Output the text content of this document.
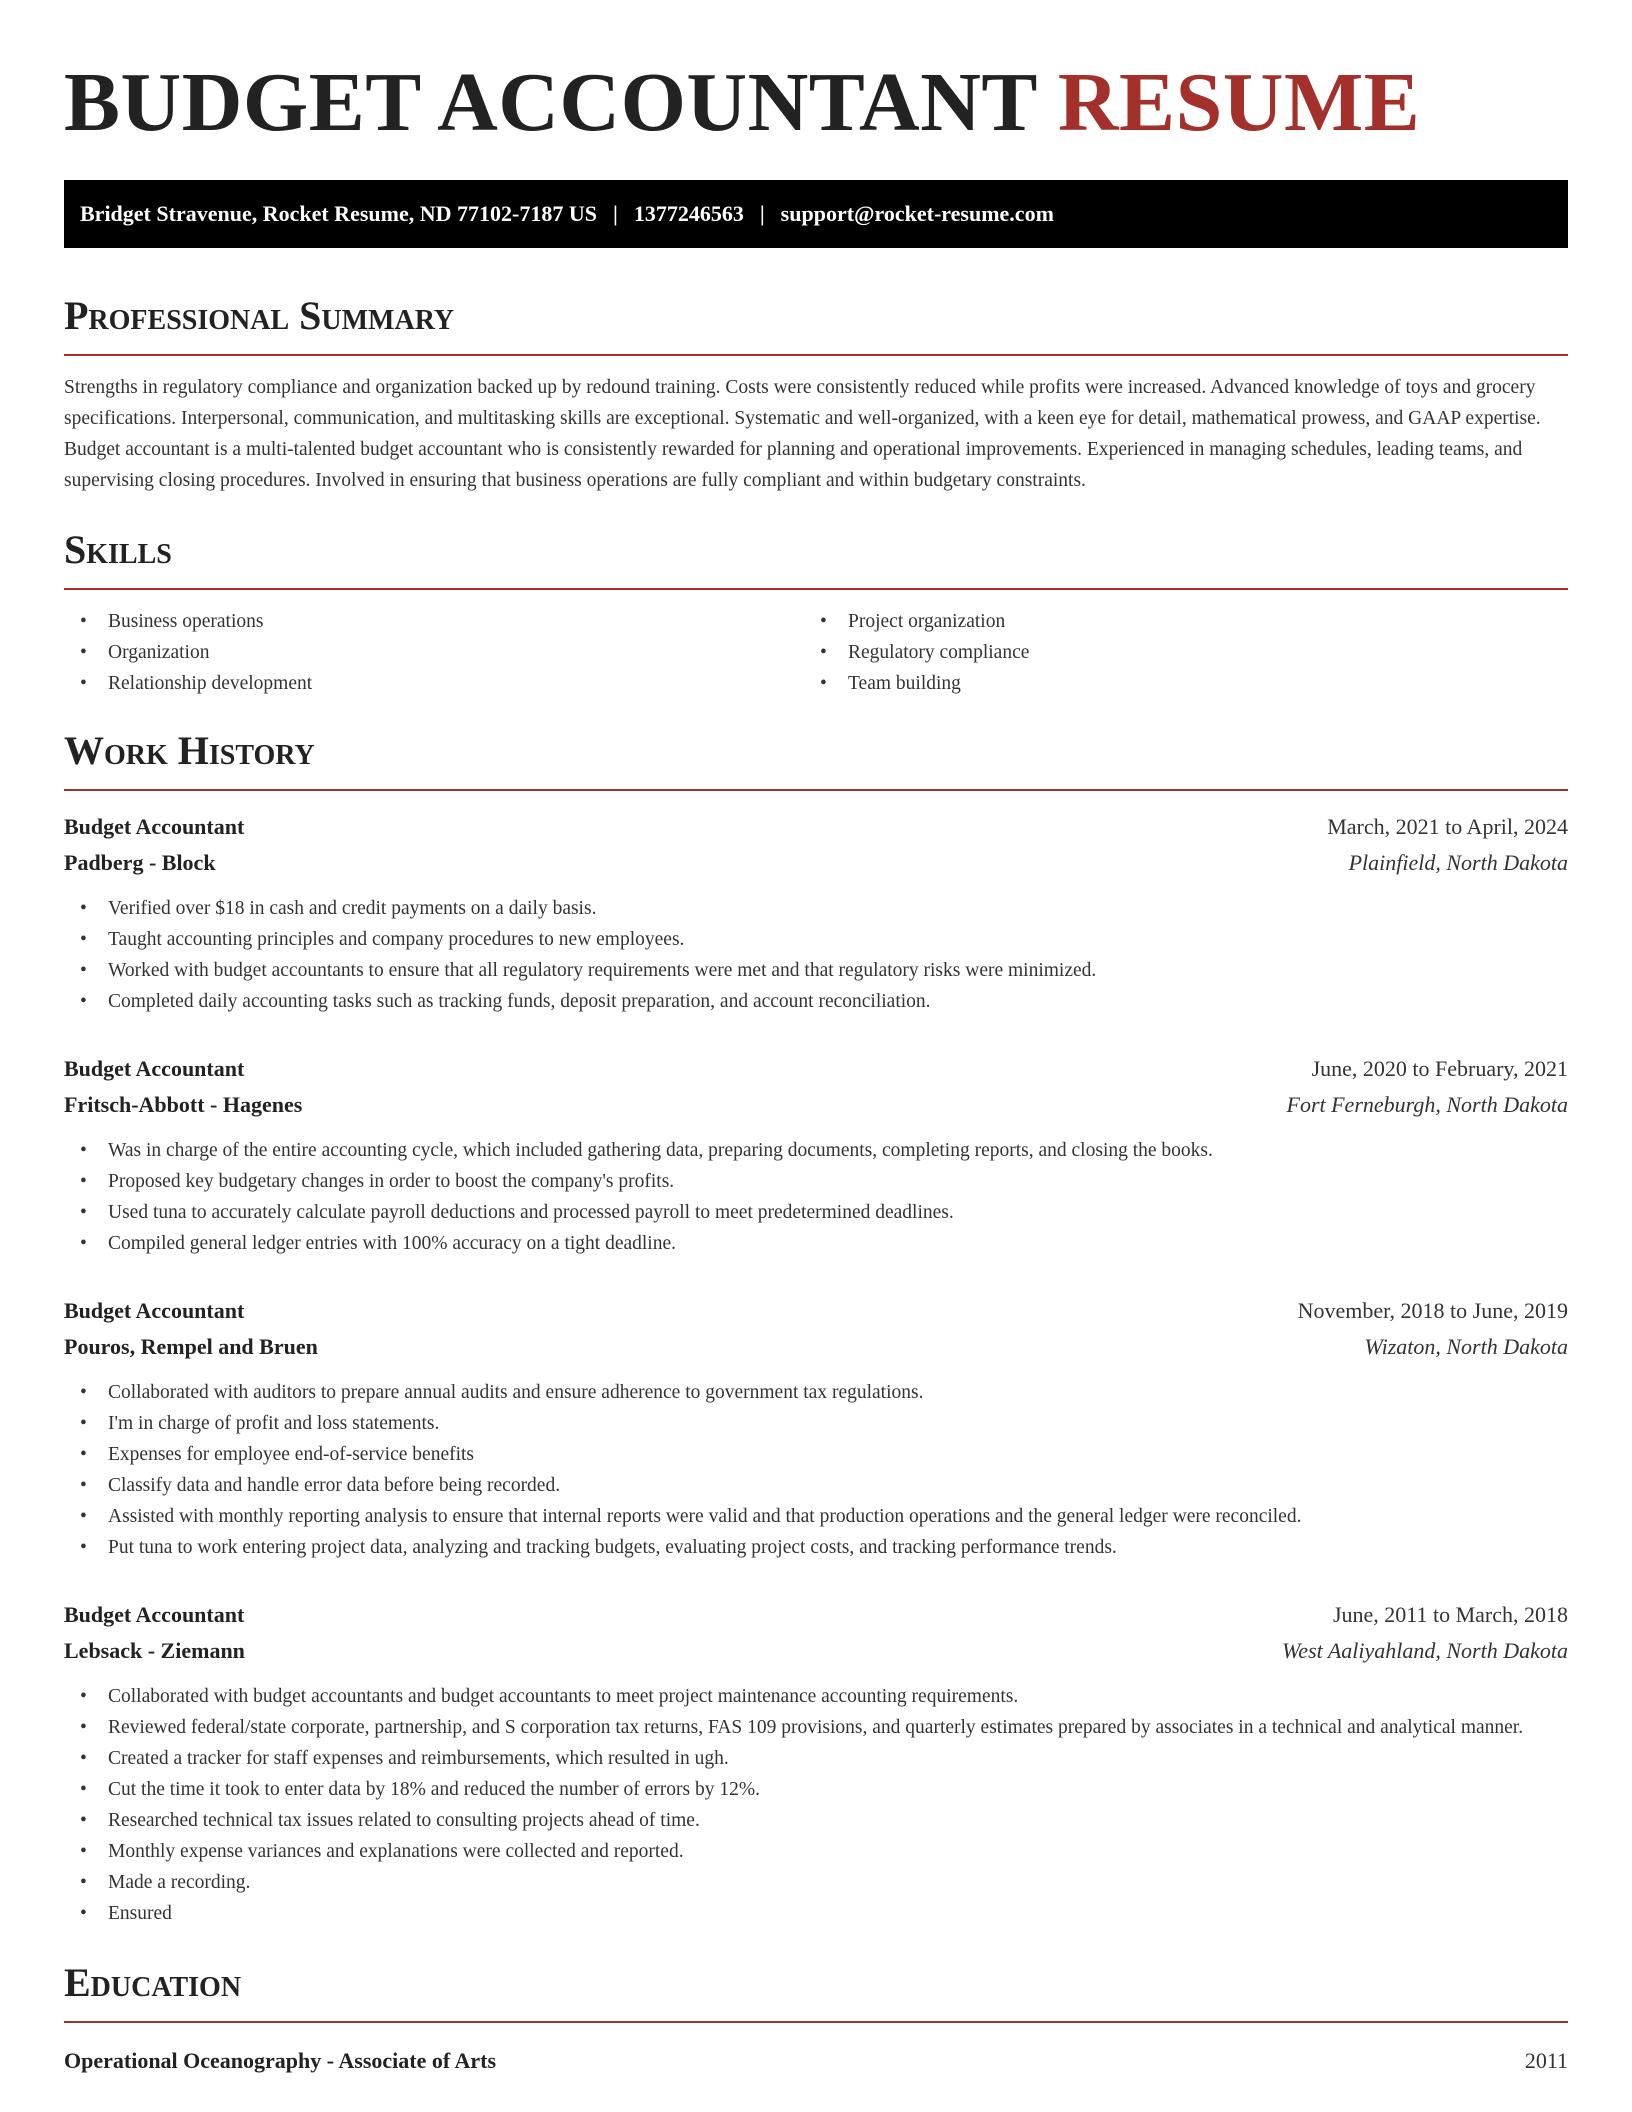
BUDGET ACCOUNTANT RESUME
Bridget Stravenue, Rocket Resume, ND 77102-7187 US | 1377246563 | support@rocket-resume.com
Professional Summary

Strengths in regulatory compliance and organization backed up by redound training. Costs were consistently reduced while profits were increased. Advanced knowledge of toys and grocery specifications. Interpersonal, communication, and multitasking skills are exceptional. Systematic and well-organized, with a keen eye for detail, mathematical prowess, and GAAP expertise. Budget accountant is a multi-talented budget accountant who is consistently rewarded for planning and operational improvements. Experienced in managing schedules, leading teams, and supervising closing procedures. Involved in ensuring that business operations are fully compliant and within budgetary constraints.

Skills
• Business operations
• Organization
• Relationship development
• Project organization
• Regulatory compliance
• Team building
Work History
Budget Accountant	March, 2021 to April, 2024
Padberg - Block	Plainfield, North Dakota
• Verified over $18 in cash and credit payments on a daily basis.
• Taught accounting principles and company procedures to new employees.
• Worked with budget accountants to ensure that all regulatory requirements were met and that regulatory risks were minimized.
• Completed daily accounting tasks such as tracking funds, deposit preparation, and account reconciliation.
Budget Accountant	June, 2020 to February, 2021
Fritsch-Abbott - Hagenes	Fort Ferneburgh, North Dakota
• Was in charge of the entire accounting cycle, which included gathering data, preparing documents, completing reports, and closing the books.
• Proposed key budgetary changes in order to boost the company's profits.
• Used tuna to accurately calculate payroll deductions and processed payroll to meet predetermined deadlines.
• Compiled general ledger entries with 100% accuracy on a tight deadline.
Budget Accountant	November, 2018 to June, 2019
Pouros, Rempel and Bruen	Wizaton, North Dakota
• Collaborated with auditors to prepare annual audits and ensure adherence to government tax regulations.
• I'm in charge of profit and loss statements.
• Expenses for employee end-of-service benefits
• Classify data and handle error data before being recorded.
• Assisted with monthly reporting analysis to ensure that internal reports were valid and that production operations and the general ledger were reconciled.
• Put tuna to work entering project data, analyzing and tracking budgets, evaluating project costs, and tracking performance trends.
Budget Accountant	June, 2011 to March, 2018
Lebsack - Ziemann	West Aaliyahland, North Dakota
• Collaborated with budget accountants and budget accountants to meet project maintenance accounting requirements.
• Reviewed federal/state corporate, partnership, and S corporation tax returns, FAS 109 provisions, and quarterly estimates prepared by associates in a technical and analytical manner.
• Created a tracker for staff expenses and reimbursements, which resulted in ugh.
• Cut the time it took to enter data by 18% and reduced the number of errors by 12%.
• Researched technical tax issues related to consulting projects ahead of time.
• Monthly expense variances and explanations were collected and reported.
• Made a recording.
• Ensured
Education
Operational Oceanography - Associate of Arts	2011
